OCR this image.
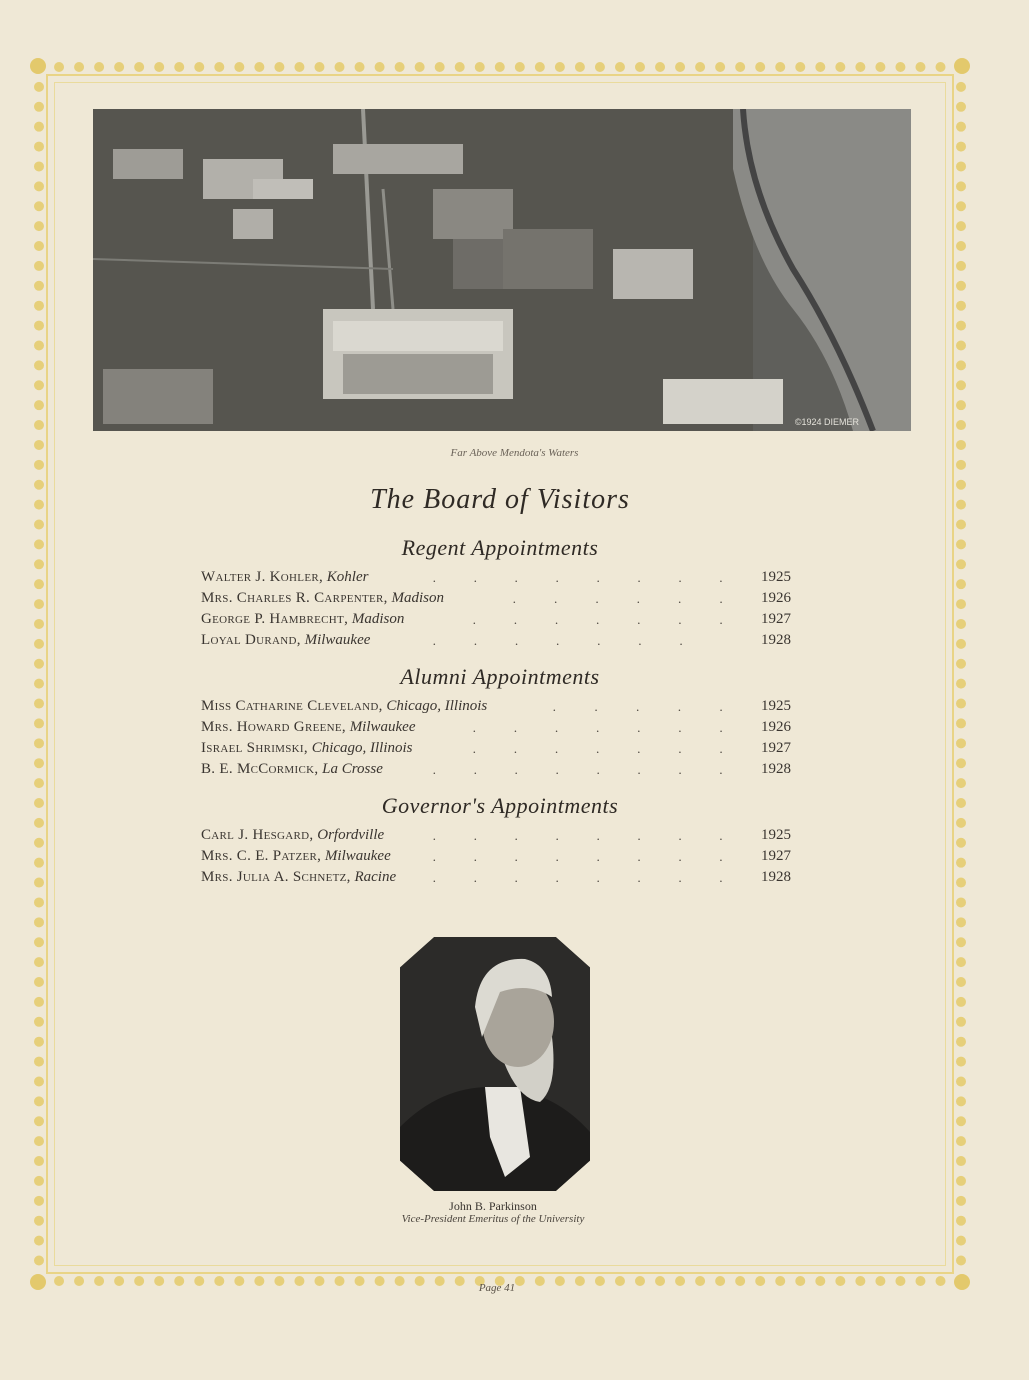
©1924 DIEMER
Far Above Mendota's Waters
The Board of Visitors
Regent Appointments
Walter J. Kohler, Kohler	.	.	.	.	.	.	.	.	1925
Mrs. Charles R. Carpenter, Madison	.	.	.	.	.	.	1926
George P. Hambrecht, Madison	.	.	.	.	.	.	.	1927
Loyal Durand, Milwaukee	.	.	.	.	.	.	.	1928
Alumni Appointments
Miss Catharine Cleveland, Chicago, Illinois	.	.	.	.	.	1925
Mrs. Howard Greene, Milwaukee	.	.	.	.	.	.	.	1926
Israel Shrimski, Chicago, Illinois	.	.	.	.	.	.	.	1927
B. E. McCormick, La Crosse	.	.	.	.	.	.	.	.	1928
Governor's Appointments
Carl J. Hesgard, Orfordville	.	.	.	.	.	.	.	.	1925
Mrs. C. E. Patzer, Milwaukee	.	.	.	.	.	.	.	.	1927
Mrs. Julia A. Schnetz, Racine	.	.	.	.	.	.	.	.	1928
John B. Parkinson
Vice-President Emeritus of the University
Page 41
